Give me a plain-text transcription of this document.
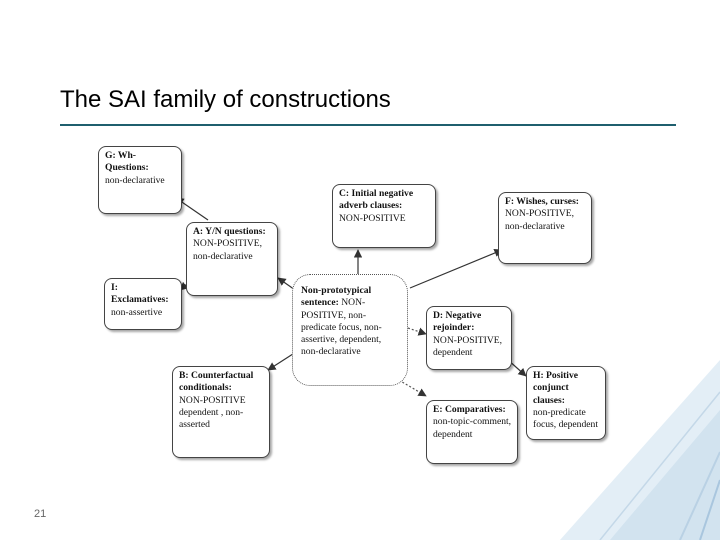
The SAI family of constructions
G: Wh-Questions:
non-declarative
A: Y/N questions:
NON-POSITIVE, non-declarative
I: Exclamatives:
non-assertive
B: Counterfactual conditionals:
NON-POSITIVE dependent , non-asserted
C: Initial negative adverb clauses:
NON-POSITIVE
Non-prototypical sentence: NON-POSITIVE, non-predicate focus, non-assertive, dependent, non-declarative
F: Wishes, curses:
NON-POSITIVE, non-declarative
D: Negative rejoinder:
NON-POSITIVE, dependent
H: Positive conjunct clauses:
non-predicate focus, dependent
E: Comparatives:
non-topic-comment, dependent
21
